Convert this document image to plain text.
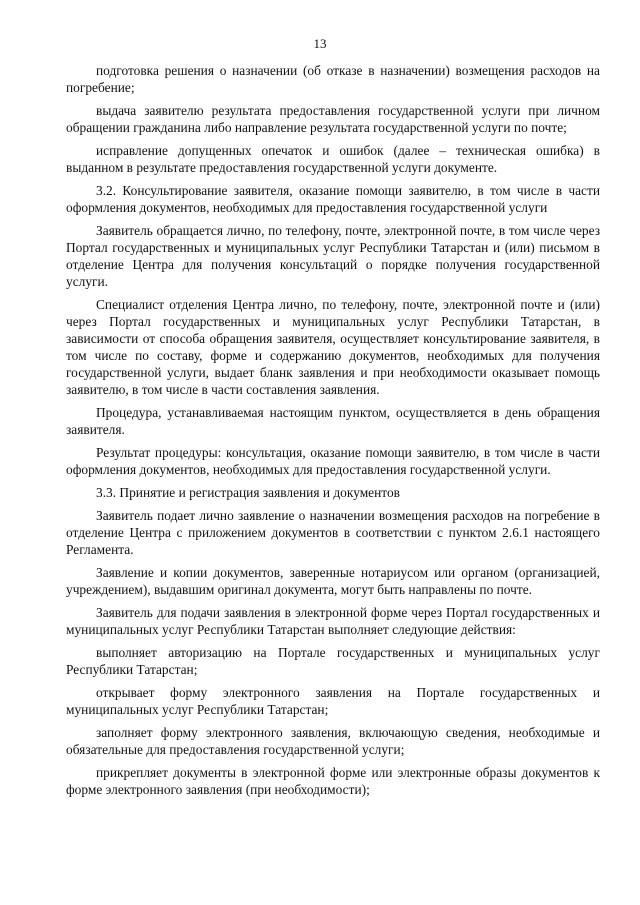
13

подготовка решения о назначении (об отказе в назначении) возмещения расходов на погребение;

выдача заявителю результата предоставления государственной услуги при личном обращении гражданина либо направление результата государственной услуги по почте;

исправление допущенных опечаток и ошибок (далее – техническая ошибка) в выданном в результате предоставления государственной услуги документе.

3.2. Консультирование заявителя, оказание помощи заявителю, в том числе в части оформления документов, необходимых для предоставления государственной услуги

Заявитель обращается лично, по телефону, почте, электронной почте, в том числе через Портал государственных и муниципальных услуг Республики Татарстан и (или) письмом в отделение Центра для получения консультаций о порядке получения государственной услуги.

Специалист отделения Центра лично, по телефону, почте, электронной почте и (или) через Портал государственных и муниципальных услуг Республики Татарстан, в зависимости от способа обращения заявителя, осуществляет консультирование заявителя, в том числе по составу, форме и содержанию документов, необходимых для получения государственной услуги, выдает бланк заявления и при необходимости оказывает помощь заявителю, в том числе в части составления заявления.

Процедура, устанавливаемая настоящим пунктом, осуществляется в день обращения заявителя.

Результат процедуры: консультация, оказание помощи заявителю, в том числе в части оформления документов, необходимых для предоставления государственной услуги.

3.3. Принятие и регистрация заявления и документов

Заявитель подает лично заявление о назначении возмещения расходов на погребение в отделение Центра с приложением документов в соответствии с пунктом 2.6.1 настоящего Регламента.

Заявление и копии документов, заверенные нотариусом или органом (организацией, учреждением), выдавшим оригинал документа, могут быть направлены по почте.

Заявитель для подачи заявления в электронной форме через Портал государственных и муниципальных услуг Республики Татарстан выполняет следующие действия:

выполняет авторизацию на Портале государственных и муниципальных услуг Республики Татарстан;

открывает форму электронного заявления на Портале государственных и муниципальных услуг Республики Татарстан;

заполняет форму электронного заявления, включающую сведения, необходимые и обязательные для предоставления государственной услуги;

прикрепляет документы в электронной форме или электронные образы документов к форме электронного заявления (при необходимости);
